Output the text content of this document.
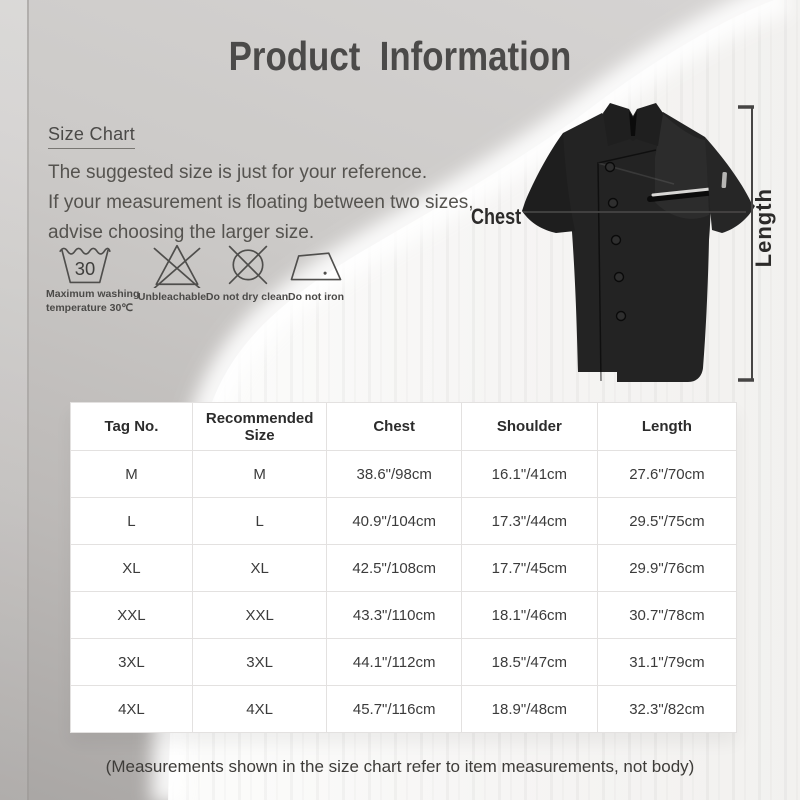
Product  Information
Size Chart
The suggested size is just for your reference.
If your measurement is floating between two sizes,
advise choosing the larger size.
30
Maximum washing
temperature 30℃
Unbleachable Do not dry clean Do not iron
Chest	Length
Tag No.	Recommended Size	Chest	Shoulder	Length
M	M	38.6"/98cm	16.1"/41cm	27.6"/70cm
L	L	40.9"/104cm	17.3"/44cm	29.5"/75cm
XL	XL	42.5"/108cm	17.7"/45cm	29.9"/76cm
XXL	XXL	43.3"/110cm	18.1"/46cm	30.7"/78cm
3XL	3XL	44.1"/112cm	18.5"/47cm	31.1"/79cm
4XL	4XL	45.7"/116cm	18.9"/48cm	32.3"/82cm
(Measurements shown in the size chart refer to item measurements, not body)
